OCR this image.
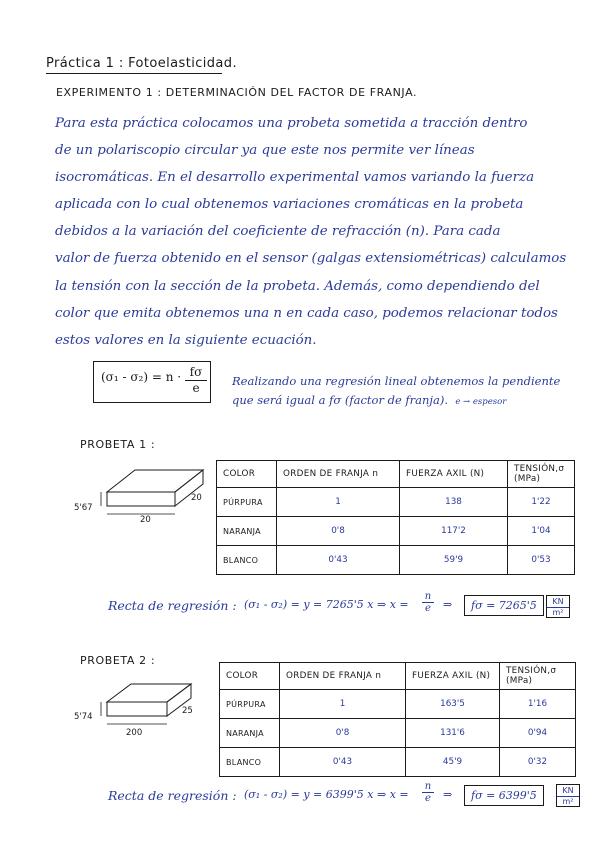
Práctica 1 : Fotoelasticidad.
EXPERIMENTO 1 : DETERMINACIÓN DEL FACTOR DE FRANJA.
Para esta práctica colocamos una probeta sometida a tracción dentro
de un polariscopio circular ya que este nos permite ver líneas
isocromáticas. En el desarrollo experimental vamos variando la fuerza
aplicada con lo cual obtenemos variaciones cromáticas en la probeta
debidos a la variación del coeficiente de refracción (n). Para cada
valor de fuerza obtenido en el sensor (galgas extensiométricas) calculamos
la tensión con la sección de la probeta. Además, como dependiendo del
color que emita obtenemos una n en cada caso, podemos relacionar todos
estos valores en la siguiente ecuación.
$(\sigma_1 - \sigma_2) = n \cdot \frac{f\sigma}{e}$ Realizando una regresión lineal obtenemos la pendiente
que será igual a fσ (factor de franja). e → espesor
PROBETA 1 :
5'67
20
20
COLOR	ORDEN DE FRANJA n	FUERZA AXIL (N)	TENSIÓN,σ (MPa)
PÚRPURA	1	138	1'22
NARANJA	0'8	117'2	1'04
BLANCO	0'43	59'9	0'53
Recta de regresión : (σ₁ - σ₂) = y = 7265'5 x ⇒ $x = \frac{n}{e}$ ⇒	fσ = 7265'5	KN
m²
PROBETA 2 :
5'74
200
25
COLOR	ORDEN DE FRANJA n	FUERZA AXIL (N)	TENSIÓN,σ (MPa)
PÚRPURA	1	163'5	1'16
NARANJA	0'8	131'6	0'94
BLANCO	0'43	45'9	0'32
Recta de regresión : (σ₁ - σ₂) = y = 6399'5 x ⇒ $x = \frac{n}{e}$ ⇒	fσ = 6399'5	KN
m²
